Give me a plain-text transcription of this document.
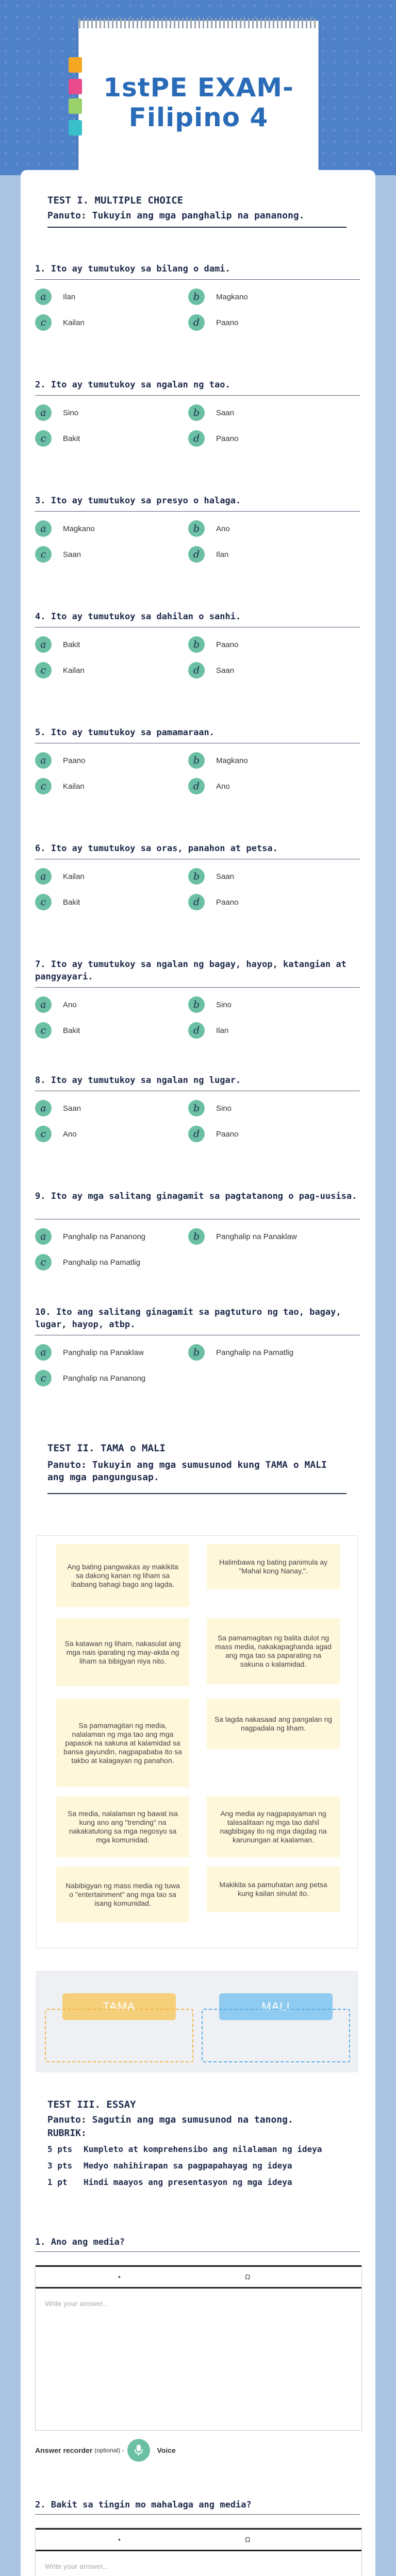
1stPE EXAM-Filipino 4
TEST I. MULTIPLE CHOICE

Panuto: Tukuyin ang mga panghalip na pananong.

1. Ito ay tumutukoy sa bilang o dami.

a	Ilan	b	Magkano
c	Kailan	d	Paano

2. Ito ay tumutukoy sa ngalan ng tao.

a	Sino	b	Saan
c	Bakit	d	Paano

3. Ito ay tumutukoy sa presyo o halaga.

a	Magkano	b	Ano
c	Saan	d	Ilan

4. Ito ay tumutukoy sa dahilan o sanhi.

a	Bakit	b	Paano
c	Kailan	d	Saan

5. Ito ay tumutukoy sa pamamaraan.

a	Paano	b	Magkano
c	Kailan	d	Ano

6. Ito ay tumutukoy sa oras, panahon at petsa.

a	Kailan	b	Saan
c	Bakit	d	Paano

7. Ito ay tumutukoy sa ngalan ng bagay, hayop, katangian at pangyayari.

a	Ano	b	Sino
c	Bakit	d	Ilan

8. Ito ay tumutukoy sa ngalan ng lugar.

a	Saan	b	Sino
c	Ano	d	Paano

9. Ito ay mga salitang ginagamit sa pagtatanong o pag-uusisa.

a	Panghalip na Pananong	b	Panghalip na Panaklaw
c	Panghalip na Pamatlig

10. Ito ang salitang ginagamit sa pagtuturo ng tao, bagay, lugar, hayop, atbp.

a	Panghalip na Panaklaw	b	Panghalip na Pamatlig
c	Panghalip na Pananong
TEST II. TAMA o MALI

Panuto: Tukuyin ang mga sumusunod kung TAMA o MALI ang mga pangungusap.

Ang bating pangwakas ay makikita sa dakong kanan ng liham sa ibabang bahagi bago ang lagda.
Halimbawa ng bating panimula ay "Mahal kong Nanay,".
Sa katawan ng liham, nakasulat ang mga nais iparating ng may-akda ng liham sa bibigyan niya nito.
Sa pamamagitan ng balita dulot ng mass media, nakakapaghanda agad ang mga tao sa paparating na sakuna o kalamidad.
Sa pamamagitan ng media, nalalaman ng mga tao ang mga papasok na sakuna at kalamidad sa bansa gayundin, nagpapababa ito sa takbo at kalagayan ng panahon.
Sa lagda nakasaad ang pangalan ng nagpadala ng liham.
Sa media, nalalaman ng bawat isa kung ano ang "trending" na nakakatulong sa mga negosyo sa mga komunidad.
Ang media ay nagpapayaman ng talasalitaan ng mga tao dahil nagbibigay ito ng mga dagdag na karunungan at kaalaman.
Nabibigyan ng mass media ng tuwa o "entertainment" ang mga tao sa isang komunidad.
Makikita sa pamuhatan ang petsa kung kailan sinulat ito.
TAMA	MALI
TEST III. ESSAY

Panuto: Sagutin ang mga sumusunod na tanong.

RUBRIK:

5 pts Kumpleto at komprehensibo ang nilalaman ng ideya
3 pts Medyo nahihirapan sa pagpapahayag ng ideya
1 pt Hindi maayos ang presentasyon ng mga ideya

1. Ano ang media?

•	Ω
Write your answer...
Answer recorder
(optional) -	Voice

2. Bakit sa tingin mo mahalaga ang media?

•	Ω
Write your answer...
